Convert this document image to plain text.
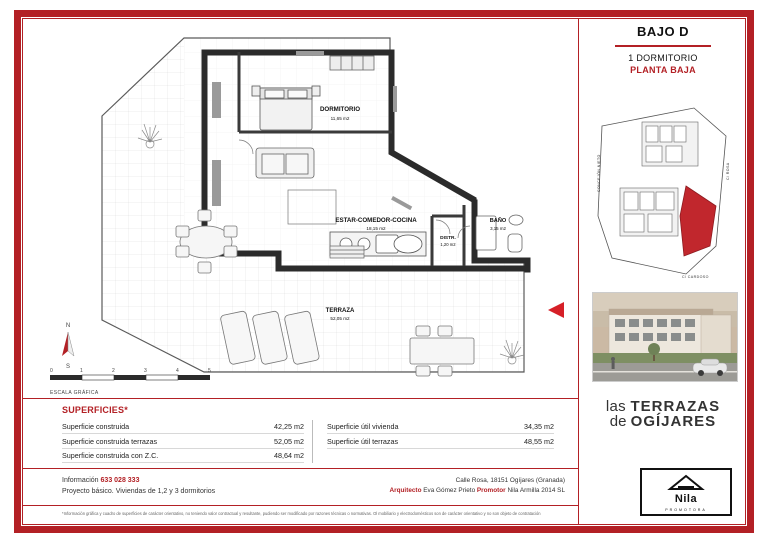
DORMITORIO
11,65 m2
ESTAR-COMEDOR-COCINA
18,15 m2
BAÑO
3,15 m2
DISTR.
1,20 m2
TERRAZA
52,05 m2
N
S
0	1	2	3	4	5
ESCALA GRÁFICA
SUPERFICIES*
Superficie construida	42,25 m2
Superficie construida terrazas	52,05 m2
Superficie construida con Z.C.	48,64 m2
Superficie útil vivienda	34,35 m2
Superficie útil terrazas	48,55 m2
Información 633 028 333
Proyecto básico. Viviendas de 1,2 y 3 dormitorios
Calle Rosa, 18151 Ogíjares (Granada)
Arquitecto Eva Gómez Prieto Promotor Nila Armilla 2014 SL
*Información gráfica y cuadro de superficies de carácter orientativo, no teniendo valor contractual y resultante, pudiendo ser modificado por razones técnicas o normativas. Ol mobiliario y electrodomésticos son de carácter orientativo y no son objeto de contratación
BAJO D
1 DORMITORIO
PLANTA BAJA
CONCEJÓN NIETO	C/ ROSA
C/ CARDOSO
las TERRAZAS
de OGÍJARES
Nila
PROMOTORA
